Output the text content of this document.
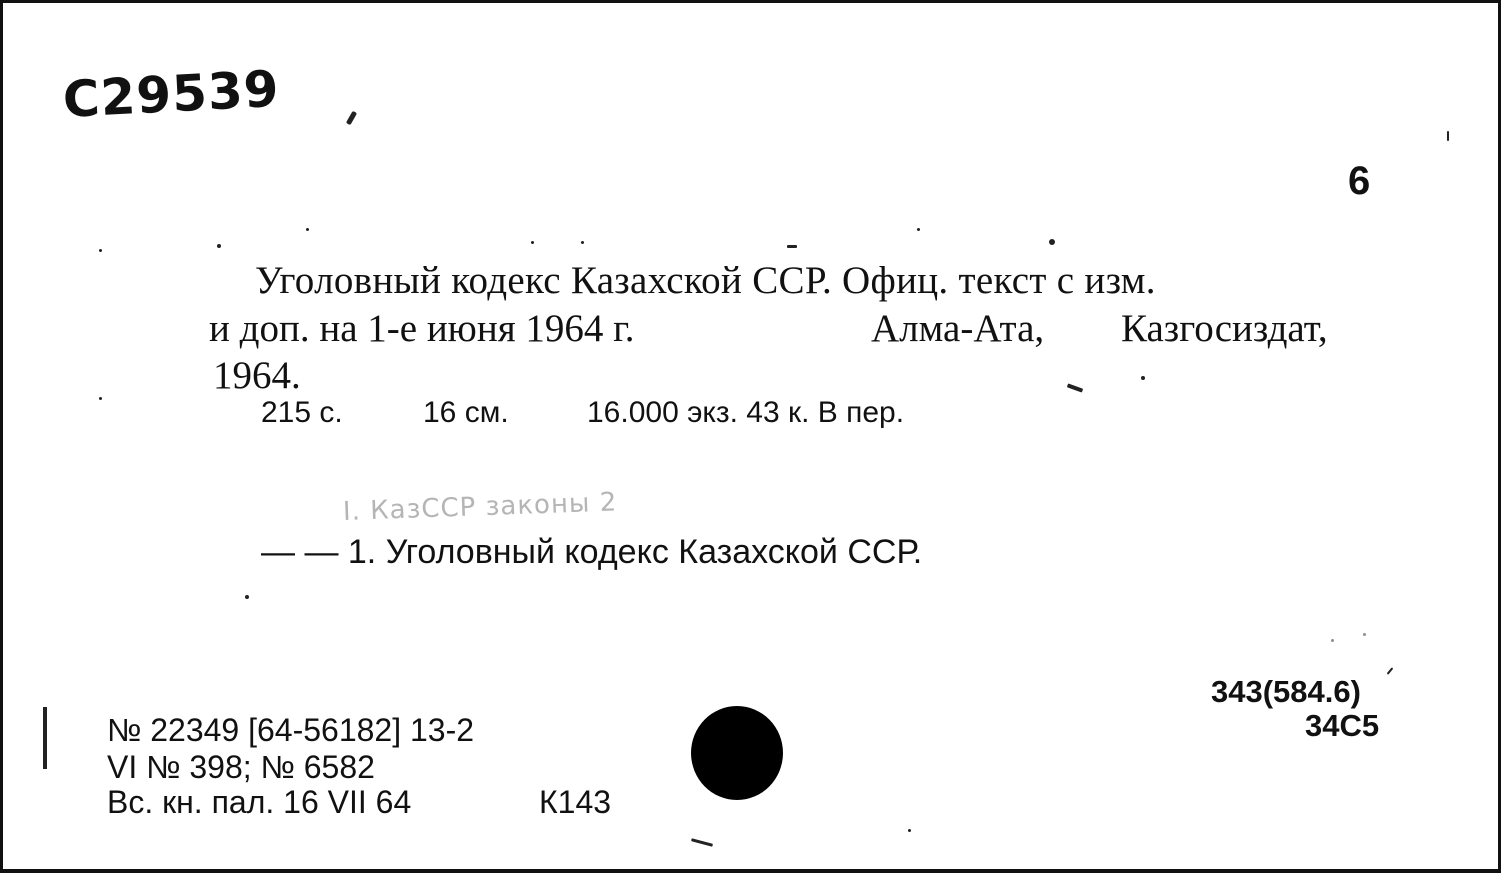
С29539
6
Уголовный кодекс Казахской ССР. Офиц. текст с изм.
и доп. на 1-е июня 1964 г.	Алма-Ата, Казгосиздат,
1964.
215 с.	16 см.	16.000 экз. 43 к. В пер.
I. КазССР законы 2
— — 1. Уголовный кодекс Казахской ССР.
343(584.6)
34С5
№ 22349 [64-56182] 13-2
VI № 398; № 6582
Вс. кн. пал. 16 VII 64	К143
